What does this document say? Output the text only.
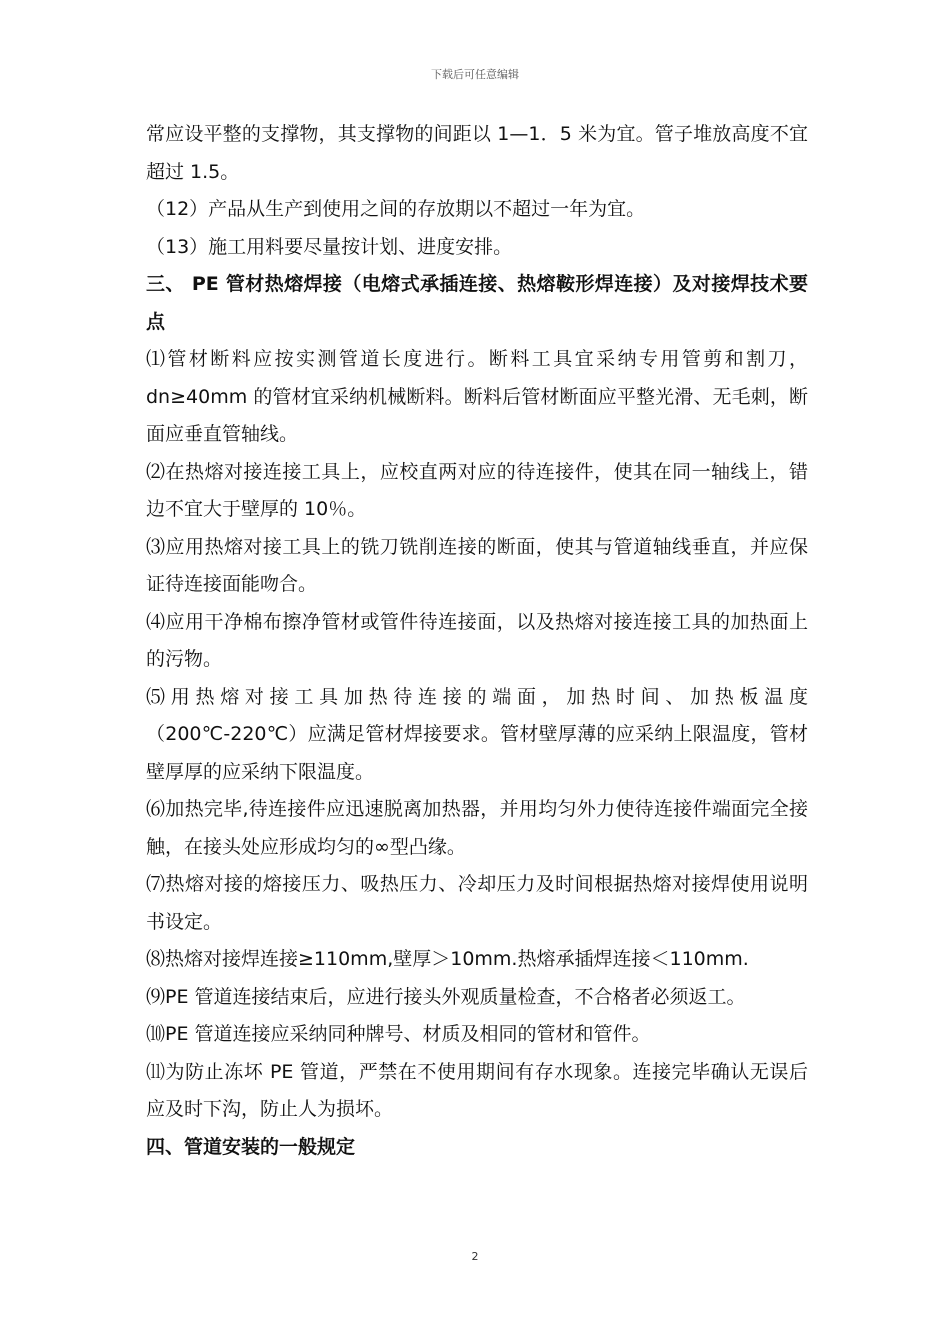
下载后可任意编辑

常应设平整的支撑物，其支撑物的间距以 1—1．5 米为宜。管子堆放高度不宜超过 1.5。

（12）产品从生产到使用之间的存放期以不超过一年为宜。

（13）施工用料要尽量按计划、进度安排。

三、 PE 管材热熔焊接（电熔式承插连接、热熔鞍形焊连接）及对接焊技术要点

⑴管材断料应按实测管道长度进行。断料工具宜采纳专用管剪和割刀，dn≥40mm 的管材宜采纳机械断料。断料后管材断面应平整光滑、无毛刺，断面应垂直管轴线。

⑵在热熔对接连接工具上，应校直两对应的待连接件，使其在同一轴线上，错边不宜大于壁厚的 10％。

⑶应用热熔对接工具上的铣刀铣削连接的断面，使其与管道轴线垂直，并应保证待连接面能吻合。

⑷应用干净棉布擦净管材或管件待连接面，以及热熔对接连接工具的加热面上的污物。

⑸用热熔对接工具加热待连接的端面，加热时间、加热板温度（200℃-220℃）应满足管材焊接要求。管材壁厚薄的应采纳上限温度，管材壁厚厚的应采纳下限温度。

⑹加热完毕,待连接件应迅速脱离加热器，并用均匀外力使待连接件端面完全接触，在接头处应形成均匀的∞型凸缘。

⑺热熔对接的熔接压力、吸热压力、冷却压力及时间根据热熔对接焊使用说明书设定。

⑻热熔对接焊连接≥110mm,壁厚＞10mm.热熔承插焊连接＜110mm.

⑼PE 管道连接结束后，应进行接头外观质量检查，不合格者必须返工。

⑽PE 管道连接应采纳同种牌号、材质及相同的管材和管件。

⑾为防止冻坏 PE 管道，严禁在不使用期间有存水现象。连接完毕确认无误后应及时下沟，防止人为损坏。

四、管道安装的一般规定

2
